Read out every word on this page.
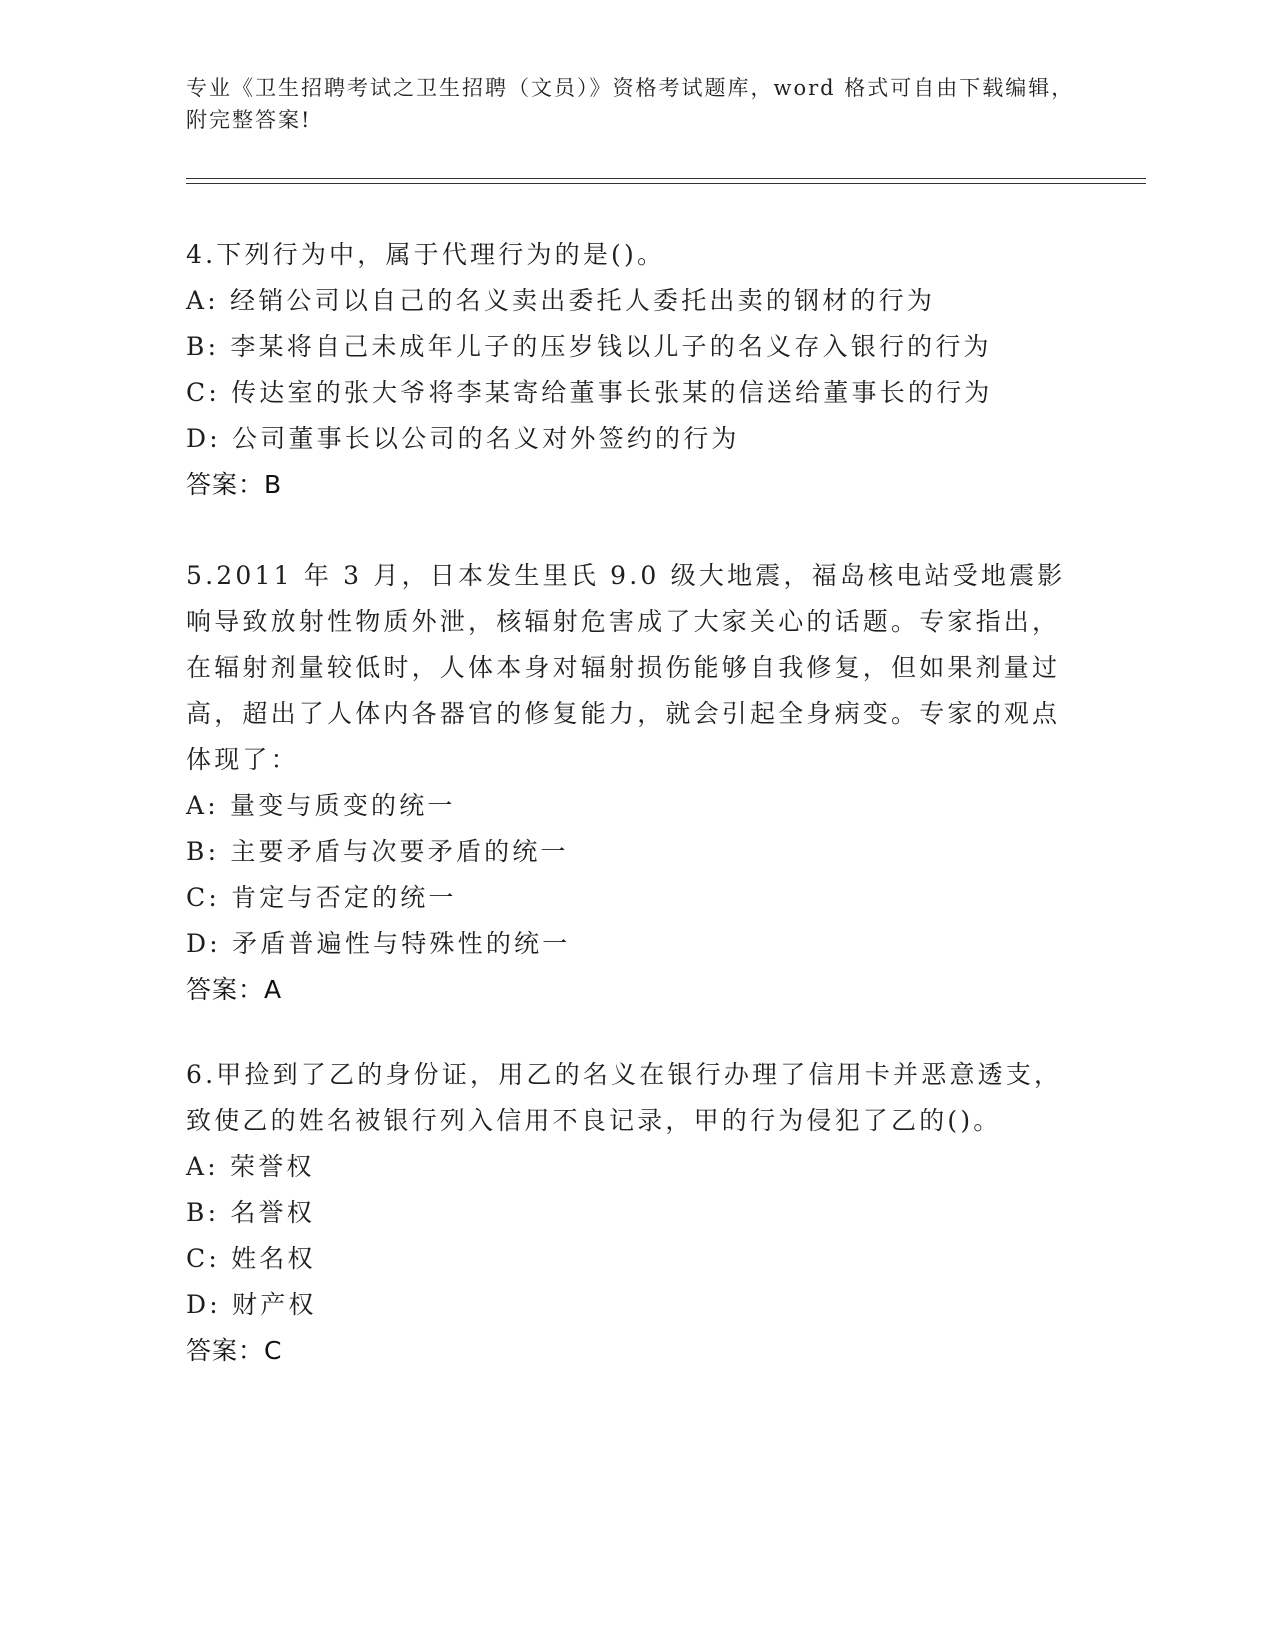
专业《卫生招聘考试之卫生招聘（文员）》资格考试题库，word 格式可自由下载编辑，附完整答案!
4.下列行为中，属于代理行为的是()。
A: 经销公司以自己的名义卖出委托人委托出卖的钢材的行为
B: 李某将自己未成年儿子的压岁钱以儿子的名义存入银行的行为
C: 传达室的张大爷将李某寄给董事长张某的信送给董事长的行为
D: 公司董事长以公司的名义对外签约的行为
答案：B
5.2011 年 3 月，日本发生里氏 9.0 级大地震，福岛核电站受地震影响导致放射性物质外泄，核辐射危害成了大家关心的话题。专家指出，在辐射剂量较低时，人体本身对辐射损伤能够自我修复，但如果剂量过高，超出了人体内各器官的修复能力，就会引起全身病变。专家的观点体现了：
A: 量变与质变的统一
B: 主要矛盾与次要矛盾的统一
C: 肯定与否定的统一
D: 矛盾普遍性与特殊性的统一
答案：A
6.甲捡到了乙的身份证，用乙的名义在银行办理了信用卡并恶意透支，致使乙的姓名被银行列入信用不良记录，甲的行为侵犯了乙的()。
A: 荣誉权
B: 名誉权
C: 姓名权
D: 财产权
答案：C
